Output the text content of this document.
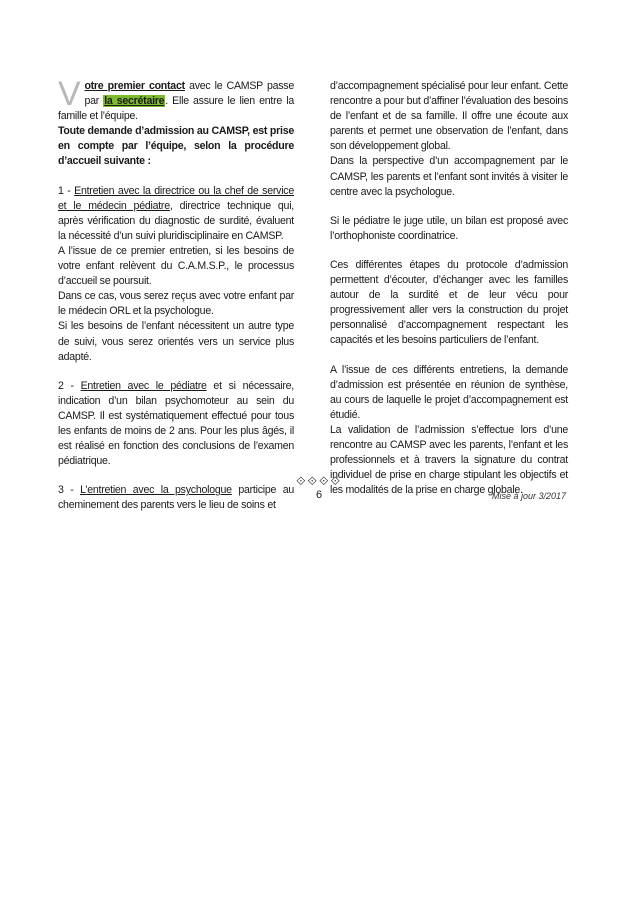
Votre premier contact avec le CAMSP passe par la secrétaire. Elle assure le lien entre la famille et l’équipe.

Toute demande d’admission au CAMSP, est prise en compte par l’équipe, selon la procédure d’accueil suivante :

1 - Entretien avec la directrice ou la chef de service et le médecin pédiatre, directrice technique qui, après vérification du diagnostic de surdité, évaluent la nécessité d’un suivi pluridisciplinaire en CAMSP.

A l’issue de ce premier entretien, si les besoins de votre enfant relèvent du C.A.M.S.P., le processus d’accueil se poursuit.

Dans ce cas, vous serez reçus avec votre enfant par le médecin ORL et la psychologue.

Si les besoins de l’enfant nécessitent un autre type de suivi, vous serez orientés vers un service plus adapté.

2 - Entretien avec le pédiatre et si nécessaire, indication d’un bilan psychomoteur au sein du CAMSP. Il est systématiquement effectué pour tous les enfants de moins de 2 ans. Pour les plus âgés, il est réalisé en fonction des conclusions de l’examen pédiatrique.

3 - L’entretien avec la psychologue participe au cheminement des parents vers le lieu de soins et

d’accompagnement spécialisé pour leur enfant. Cette rencontre a pour but d’affiner l’évaluation des besoins de l’enfant et de sa famille. Il offre une écoute aux parents et permet une observation de l’enfant, dans son développement global.

Dans la perspective d’un accompagnement par le CAMSP, les parents et l’enfant sont invités à visiter le centre avec la psychologue.

Si le pédiatre le juge utile, un bilan est proposé avec l’orthophoniste coordinatrice.

Ces différentes étapes du protocole d’admission permettent d’écouter, d’échanger avec les familles autour de la surdité et de leur vécu pour progressivement aller vers la construction du projet personnalisé d’accompagnement respectant les capacités et les besoins particuliers de l’enfant.

A l’issue de ces différents entretiens, la demande d’admission est présentée en réunion de synthèse, au cours de laquelle le projet d’accompagnement est étudié.

La validation de l’admission s’effectue lors d’une rencontre au CAMSP avec les parents, l’enfant et les professionnels et à travers la signature du contrat individuel de prise en charge stipulant les objectifs et les modalités de la prise en charge globale.

⟐⟐⟐⟐
6	Mise à jour 3/2017
